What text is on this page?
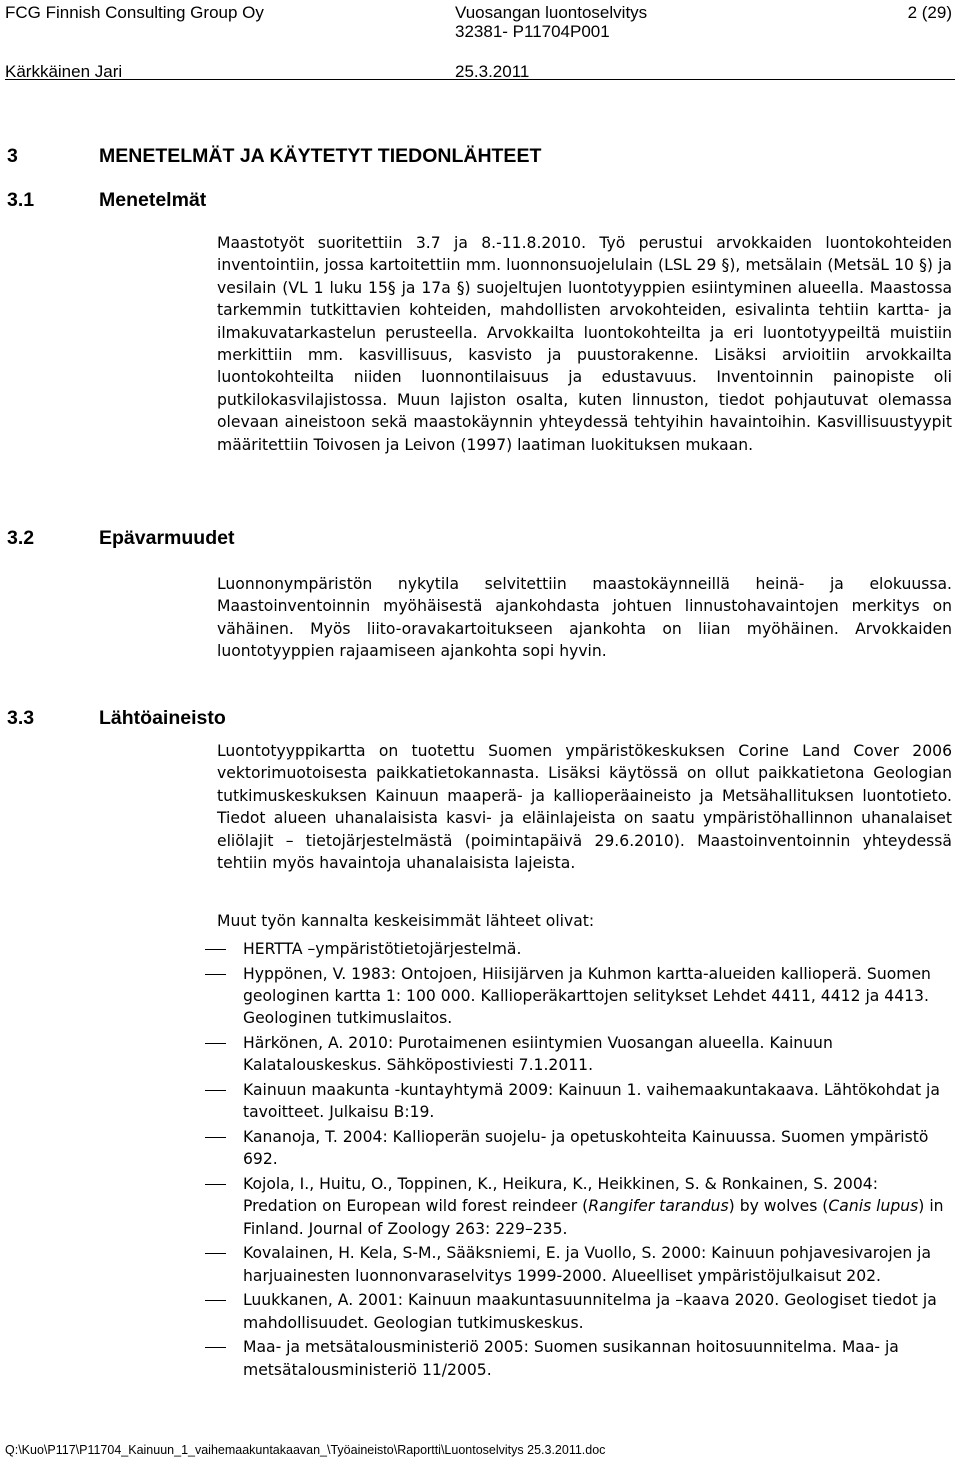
FCG Finnish Consulting Group Oy	Vuosangan luontoselvitys	2 (29)
32381- P11704P001
Kärkkäinen Jari	25.3.2011
3	MENETELMÄT JA KÄYTETYT TIEDONLÄHTEET
3.1	Menetelmät
Maastotyöt suoritettiin 3.7 ja 8.-11.8.2010. Työ perustui arvokkaiden luontokohteiden inventointiin, jossa kartoitettiin mm. luonnonsuojelulain (LSL 29 §), metsälain (MetsäL 10 §) ja vesilain (VL 1 luku 15§ ja 17a §) suojeltujen luontotyyppien esiintyminen alueella. Maastossa tarkemmin tutkittavien kohteiden, mahdollisten arvokohteiden, esivalinta tehtiin kartta- ja ilmakuvatarkastelun perusteella. Arvokkailta luontokohteilta ja eri luontotyypeiltä muistiin merkittiin mm. kasvillisuus, kasvisto ja puustorakenne. Lisäksi arvioitiin arvokkailta luontokohteilta niiden luonnontilaisuus ja edustavuus. Inventoinnin painopiste oli putkilokasvilajistossa. Muun lajiston osalta, kuten linnuston, tiedot pohjautuvat olemassa olevaan aineistoon sekä maastokäynnin yhteydessä tehtyihin havaintoihin. Kasvillisuustyypit määritettiin Toivosen ja Leivon (1997) laatiman luokituksen mukaan.
3.2	Epävarmuudet
Luonnonympäristön nykytila selvitettiin maastokäynneillä heinä- ja elokuussa. Maastoinventoinnin myöhäisestä ajankohdasta johtuen linnustohavaintojen merkitys on vähäinen. Myös liito-oravakartoitukseen ajankohta on liian myöhäinen. Arvokkaiden luontotyyppien rajaamiseen ajankohta sopi hyvin.
3.3	Lähtöaineisto
Luontotyyppikartta on tuotettu Suomen ympäristökeskuksen Corine Land Cover 2006 vektorimuotoisesta paikkatietokannasta. Lisäksi käytössä on ollut paikkatietona Geologian tutkimuskeskuksen Kainuun maaperä- ja kallioperäaineisto ja Metsähallituksen luontotieto. Tiedot alueen uhanalaisista kasvi- ja eläinlajeista on saatu ympäristöhallinnon uhanalaiset eliölajit – tietojärjestelmästä (poimintapäivä 29.6.2010). Maastoinventoinnin yhteydessä tehtiin myös havaintoja uhanalaisista lajeista.
Muut työn kannalta keskeisimmät lähteet olivat:
HERTTA –ympäristötietojärjestelmä.
Hyppönen, V. 1983: Ontojoen, Hiisijärven ja Kuhmon kartta-alueiden kallioperä. Suomen geologinen kartta 1: 100 000. Kallioperäkarttojen selitykset Lehdet 4411, 4412 ja 4413. Geologinen tutkimuslaitos.
Härkönen, A. 2010: Purotaimenen esiintymien Vuosangan alueella. Kainuun Kalatalouskeskus. Sähköpostiviesti 7.1.2011.
Kainuun maakunta -kuntayhtymä 2009: Kainuun 1. vaihemaakuntakaava. Lähtökohdat ja tavoitteet. Julkaisu B:19.
Kananoja, T. 2004: Kallioperän suojelu- ja opetuskohteita Kainuussa. Suomen ympäristö 692.
Kojola, I., Huitu, O., Toppinen, K., Heikura, K., Heikkinen, S. & Ronkainen, S. 2004: Predation on European wild forest reindeer (Rangifer tarandus) by wolves (Canis lupus) in Finland. Journal of Zoology 263: 229–235.
Kovalainen, H. Kela, S-M., Sääksniemi, E. ja Vuollo, S. 2000: Kainuun pohjavesivarojen ja harjuainesten luonnonvaraselvitys 1999-2000. Alueelliset ympäristöjulkaisut 202.
Luukkanen, A. 2001: Kainuun maakuntasuunnitelma ja –kaava 2020. Geologiset tiedot ja mahdollisuudet. Geologian tutkimuskeskus.
Maa- ja metsätalousministeriö 2005: Suomen susikannan hoitosuunnitelma. Maa- ja metsätalousministeriö 11/2005.
Q:\Kuo\P117\P11704_Kainuun_1_vaihemaakuntakaavan_\Työaineisto\Raportti\Luontoselvitys 25.3.2011.doc
